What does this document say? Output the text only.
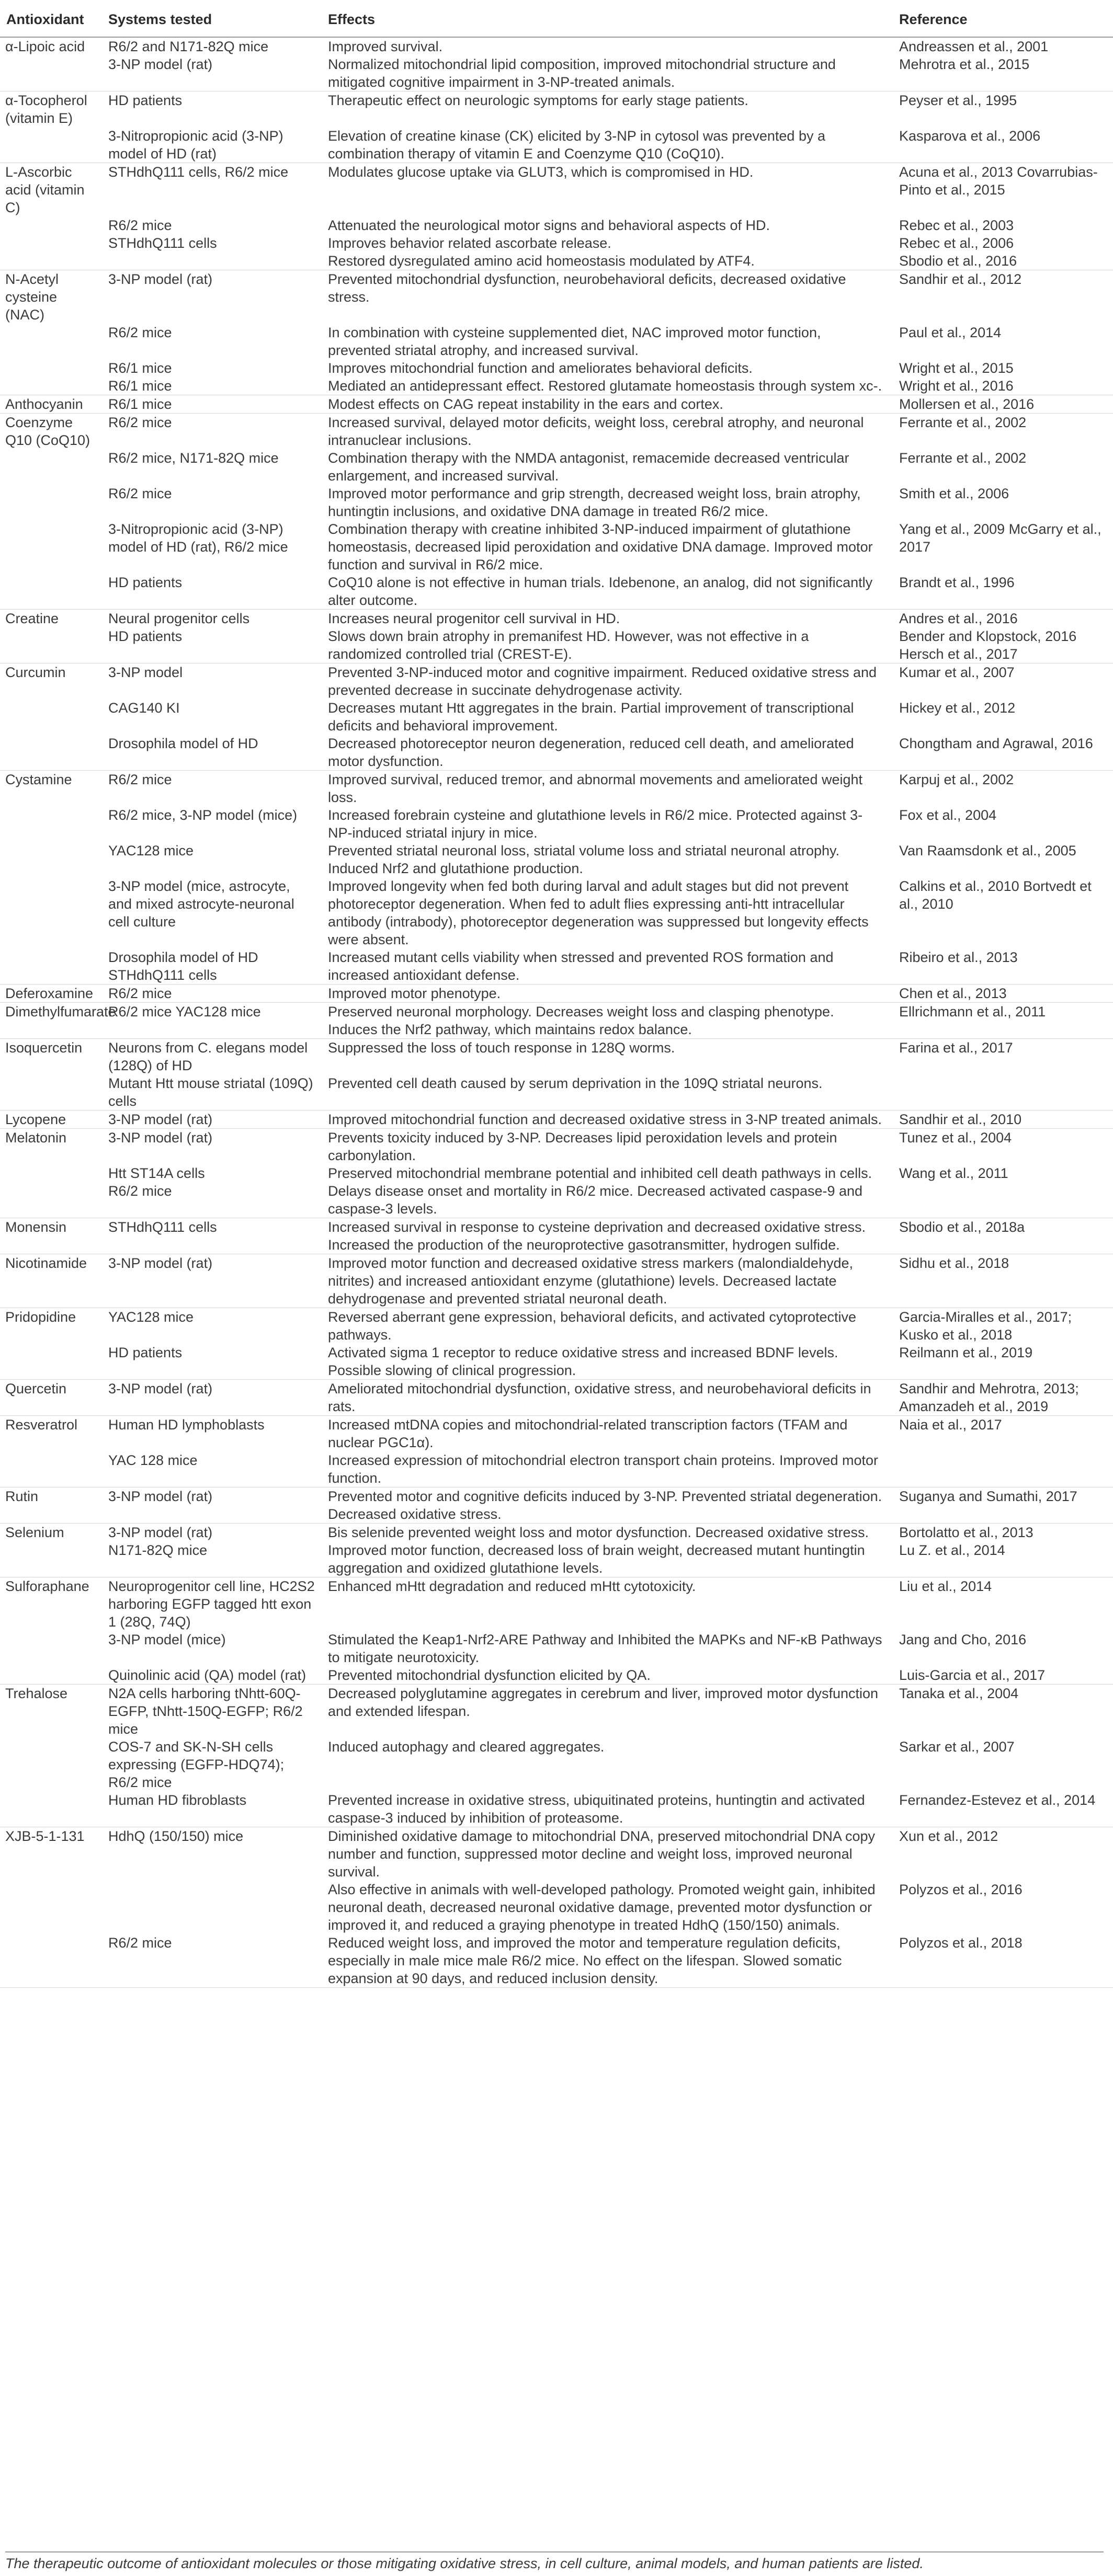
Antioxidant	Systems tested	Effects	Reference
α-Lipoic acid	R6/2 and N171-82Q mice	Improved survival.	Andreassen et al., 2001
	3-NP model (rat)	Normalized mitochondrial lipid composition, improved mitochondrial structure and mitigated cognitive impairment in 3-NP-treated animals.	Mehrotra et al., 2015
α-Tocopherol (vitamin E)	HD patients	Therapeutic effect on neurologic symptoms for early stage patients.	Peyser et al., 1995
	3-Nitropropionic acid (3-NP) model of HD (rat)	Elevation of creatine kinase (CK) elicited by 3-NP in cytosol was prevented by a combination therapy of vitamin E and Coenzyme Q10 (CoQ10).	Kasparova et al., 2006
L-Ascorbic acid (vitamin C)	STHdhQ111 cells, R6/2 mice	Modulates glucose uptake via GLUT3, which is compromised in HD.	Acuna et al., 2013 Covarrubias-Pinto et al., 2015
	R6/2 mice	Attenuated the neurological motor signs and behavioral aspects of HD.	Rebec et al., 2003
	STHdhQ111 cells	Improves behavior related ascorbate release.	Rebec et al., 2006
		Restored dysregulated amino acid homeostasis modulated by ATF4.	Sbodio et al., 2016
N-Acetyl cysteine (NAC)	3-NP model (rat)	Prevented mitochondrial dysfunction, neurobehavioral deficits, decreased oxidative stress.	Sandhir et al., 2012
	R6/2 mice	In combination with cysteine supplemented diet, NAC improved motor function, prevented striatal atrophy, and increased survival.	Paul et al., 2014
	R6/1 mice	Improves mitochondrial function and ameliorates behavioral deficits.	Wright et al., 2015
	R6/1 mice	Mediated an antidepressant effect. Restored glutamate homeostasis through system xc-.	Wright et al., 2016
Anthocyanin	R6/1 mice	Modest effects on CAG repeat instability in the ears and cortex.	Mollersen et al., 2016
Coenzyme Q10 (CoQ10)	R6/2 mice	Increased survival, delayed motor deficits, weight loss, cerebral atrophy, and neuronal intranuclear inclusions.	Ferrante et al., 2002
	R6/2 mice, N171-82Q mice	Combination therapy with the NMDA antagonist, remacemide decreased ventricular enlargement, and increased survival.	Ferrante et al., 2002
	R6/2 mice	Improved motor performance and grip strength, decreased weight loss, brain atrophy, huntingtin inclusions, and oxidative DNA damage in treated R6/2 mice.	Smith et al., 2006
	3-Nitropropionic acid (3-NP) model of HD (rat), R6/2 mice	Combination therapy with creatine inhibited 3-NP-induced impairment of glutathione homeostasis, decreased lipid peroxidation and oxidative DNA damage. Improved motor function and survival in R6/2 mice.	Yang et al., 2009 McGarry et al., 2017
	HD patients	CoQ10 alone is not effective in human trials. Idebenone, an analog, did not significantly alter outcome.	Brandt et al., 1996
Creatine	Neural progenitor cells	Increases neural progenitor cell survival in HD.	Andres et al., 2016
	HD patients	Slows down brain atrophy in premanifest HD. However, was not effective in a randomized controlled trial (CREST-E).	Bender and Klopstock, 2016 Hersch et al., 2017
Curcumin	3-NP model	Prevented 3-NP-induced motor and cognitive impairment. Reduced oxidative stress and prevented decrease in succinate dehydrogenase activity.	Kumar et al., 2007
	CAG140 KI	Decreases mutant Htt aggregates in the brain. Partial improvement of transcriptional deficits and behavioral improvement.	Hickey et al., 2012
	Drosophila model of HD	Decreased photoreceptor neuron degeneration, reduced cell death, and ameliorated motor dysfunction.	Chongtham and Agrawal, 2016
Cystamine	R6/2 mice	Improved survival, reduced tremor, and abnormal movements and ameliorated weight loss.	Karpuj et al., 2002
	R6/2 mice, 3-NP model (mice)	Increased forebrain cysteine and glutathione levels in R6/2 mice. Protected against 3-NP-induced striatal injury in mice.	Fox et al., 2004
	YAC128 mice	Prevented striatal neuronal loss, striatal volume loss and striatal neuronal atrophy. Induced Nrf2 and glutathione production.	Van Raamsdonk et al., 2005
	3-NP model (mice, astrocyte, and mixed astrocyte-neuronal cell culture	Improved longevity when fed both during larval and adult stages but did not prevent photoreceptor degeneration. When fed to adult flies expressing anti-htt intracellular antibody (intrabody), photoreceptor degeneration was suppressed but longevity effects were absent.	Calkins et al., 2010 Bortvedt et al., 2010
	Drosophila model of HD STHdhQ111 cells	Increased mutant cells viability when stressed and prevented ROS formation and increased antioxidant defense.	Ribeiro et al., 2013
Deferoxamine	R6/2 mice	Improved motor phenotype.	Chen et al., 2013
Dimethylfumarate	R6/2 mice YAC128 mice	Preserved neuronal morphology. Decreases weight loss and clasping phenotype. Induces the Nrf2 pathway, which maintains redox balance.	Ellrichmann et al., 2011
Isoquercetin	Neurons from C. elegans model (128Q) of HD	Suppressed the loss of touch response in 128Q worms.	Farina et al., 2017
	Mutant Htt mouse striatal (109Q) cells	Prevented cell death caused by serum deprivation in the 109Q striatal neurons.	
Lycopene	3-NP model (rat)	Improved mitochondrial function and decreased oxidative stress in 3-NP treated animals.	Sandhir et al., 2010
Melatonin	3-NP model (rat)	Prevents toxicity induced by 3-NP. Decreases lipid peroxidation levels and protein carbonylation.	Tunez et al., 2004
	Htt ST14A cells	Preserved mitochondrial membrane potential and inhibited cell death pathways in cells.	Wang et al., 2011
	R6/2 mice	Delays disease onset and mortality in R6/2 mice. Decreased activated caspase-9 and caspase-3 levels.	
Monensin	STHdhQ111 cells	Increased survival in response to cysteine deprivation and decreased oxidative stress. Increased the production of the neuroprotective gasotransmitter, hydrogen sulfide.	Sbodio et al., 2018a
Nicotinamide	3-NP model (rat)	Improved motor function and decreased oxidative stress markers (malondialdehyde, nitrites) and increased antioxidant enzyme (glutathione) levels. Decreased lactate dehydrogenase and prevented striatal neuronal death.	Sidhu et al., 2018
Pridopidine	YAC128 mice	Reversed aberrant gene expression, behavioral deficits, and activated cytoprotective pathways.	Garcia-Miralles et al., 2017; Kusko et al., 2018
	HD patients	Activated sigma 1 receptor to reduce oxidative stress and increased BDNF levels. Possible slowing of clinical progression.	Reilmann et al., 2019
Quercetin	3-NP model (rat)	Ameliorated mitochondrial dysfunction, oxidative stress, and neurobehavioral deficits in rats.	Sandhir and Mehrotra, 2013; Amanzadeh et al., 2019
Resveratrol	Human HD lymphoblasts	Increased mtDNA copies and mitochondrial-related transcription factors (TFAM and nuclear PGC1α).	Naia et al., 2017
	YAC 128 mice	Increased expression of mitochondrial electron transport chain proteins. Improved motor function.	
Rutin	3-NP model (rat)	Prevented motor and cognitive deficits induced by 3-NP. Prevented striatal degeneration. Decreased oxidative stress.	Suganya and Sumathi, 2017
Selenium	3-NP model (rat)	Bis selenide prevented weight loss and motor dysfunction. Decreased oxidative stress.	Bortolatto et al., 2013
	N171-82Q mice	Improved motor function, decreased loss of brain weight, decreased mutant huntingtin aggregation and oxidized glutathione levels.	Lu Z. et al., 2014
Sulforaphane	Neuroprogenitor cell line, HC2S2 harboring EGFP tagged htt exon 1 (28Q, 74Q)	Enhanced mHtt degradation and reduced mHtt cytotoxicity.	Liu et al., 2014
	3-NP model (mice)	Stimulated the Keap1-Nrf2-ARE Pathway and Inhibited the MAPKs and NF-κB Pathways to mitigate neurotoxicity.	Jang and Cho, 2016
	Quinolinic acid (QA) model (rat)	Prevented mitochondrial dysfunction elicited by QA.	Luis-Garcia et al., 2017
Trehalose	N2A cells harboring tNhtt-60Q-EGFP, tNhtt-150Q-EGFP; R6/2 mice	Decreased polyglutamine aggregates in cerebrum and liver, improved motor dysfunction and extended lifespan.	Tanaka et al., 2004
	COS-7 and SK-N-SH cells expressing (EGFP-HDQ74); R6/2 mice	Induced autophagy and cleared aggregates.	Sarkar et al., 2007
	Human HD fibroblasts	Prevented increase in oxidative stress, ubiquitinated proteins, huntingtin and activated caspase-3 induced by inhibition of proteasome.	Fernandez-Estevez et al., 2014
XJB-5-1-131	HdhQ (150/150) mice	Diminished oxidative damage to mitochondrial DNA, preserved mitochondrial DNA copy number and function, suppressed motor decline and weight loss, improved neuronal survival.	Xun et al., 2012
		Also effective in animals with well-developed pathology. Promoted weight gain, inhibited neuronal death, decreased neuronal oxidative damage, prevented motor dysfunction or improved it, and reduced a graying phenotype in treated HdhQ (150/150) animals.	Polyzos et al., 2016
	R6/2 mice	Reduced weight loss, and improved the motor and temperature regulation deficits, especially in male mice male R6/2 mice. No effect on the lifespan. Slowed somatic expansion at 90 days, and reduced inclusion density.	Polyzos et al., 2018
The therapeutic outcome of antioxidant molecules or those mitigating oxidative stress, in cell culture, animal models, and human patients are listed.
